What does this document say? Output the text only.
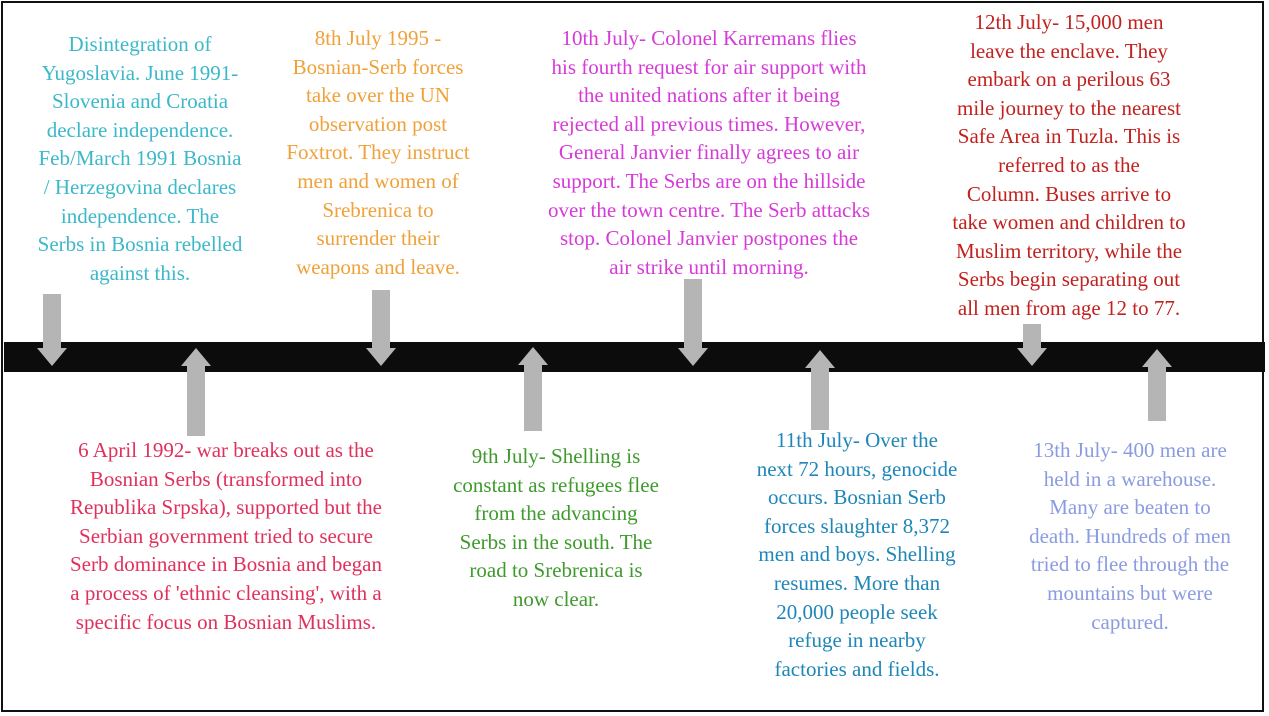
Disintegration of
Yugoslavia. June 1991-
Slovenia and Croatia
declare independence.
Feb/March 1991 Bosnia
/ Herzegovina declares
independence. The
Serbs in Bosnia rebelled
against this.

8th July 1995 -
Bosnian-Serb forces
take over the UN
observation post
Foxtrot. They instruct
men and women of
Srebrenica to
surrender their
weapons and leave.

10th July- Colonel Karremans flies
his fourth request for air support with
the united nations after it being
rejected all previous times. However,
General Janvier finally agrees to air
support. The Serbs are on the hillside
over the town centre. The Serb attacks
stop. Colonel Janvier postpones the
air strike until morning.

12th July- 15,000 men
leave the enclave. They
embark on a perilous 63
mile journey to the nearest
Safe Area in Tuzla. This is
referred to as the
Column. Buses arrive to
take women and children to
Muslim territory, while the
Serbs begin separating out
all men from age 12 to 77.

6 April 1992- war breaks out as the
Bosnian Serbs (transformed into
Republika Srpska), supported but the
Serbian government tried to secure
Serb dominance in Bosnia and began
a process of 'ethnic cleansing', with a
specific focus on Bosnian Muslims.

9th July- Shelling is
constant as refugees flee
from the advancing
Serbs in the south. The
road to Srebrenica is
now clear.

11th July- Over the
next 72 hours, genocide
occurs. Bosnian Serb
forces slaughter 8,372
men and boys. Shelling
resumes. More than
20,000 people seek
refuge in nearby
factories and fields.

13th July- 400 men are
held in a warehouse.
Many are beaten to
death. Hundreds of men
tried to flee through the
mountains but were
captured.
